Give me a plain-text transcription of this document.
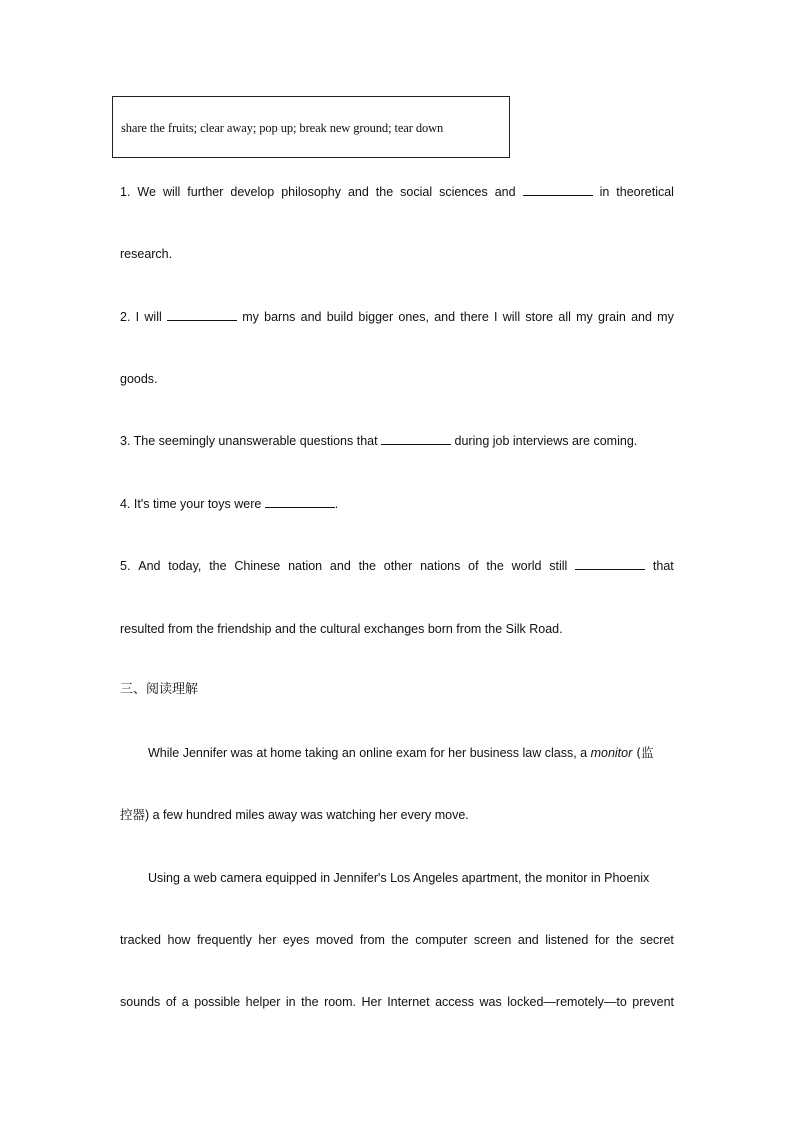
share the fruits; clear away; pop up; break new ground; tear down
1. We will further develop philosophy and the social sciences and	in theoretical
research.
2. I will	my barns and build bigger ones, and there I will store all my grain and my
goods.
3. The seemingly unanswerable questions that	during job interviews are coming.
4. It's time your toys were	.
5. And today, the Chinese nation and the other nations of the world still	that
resulted from the friendship and the cultural exchanges born from the Silk Road.
三、阅读理解
While Jennifer was at home taking an online exam for her business law class, a monitor (监
控器) a few hundred miles away was watching her every move.
Using a web camera equipped in Jennifer's Los Angeles apartment, the monitor in Phoenix
tracked how frequently her eyes moved from the computer screen and listened for the secret
sounds of a possible helper in the room. Her Internet access was locked—remotely—to prevent
